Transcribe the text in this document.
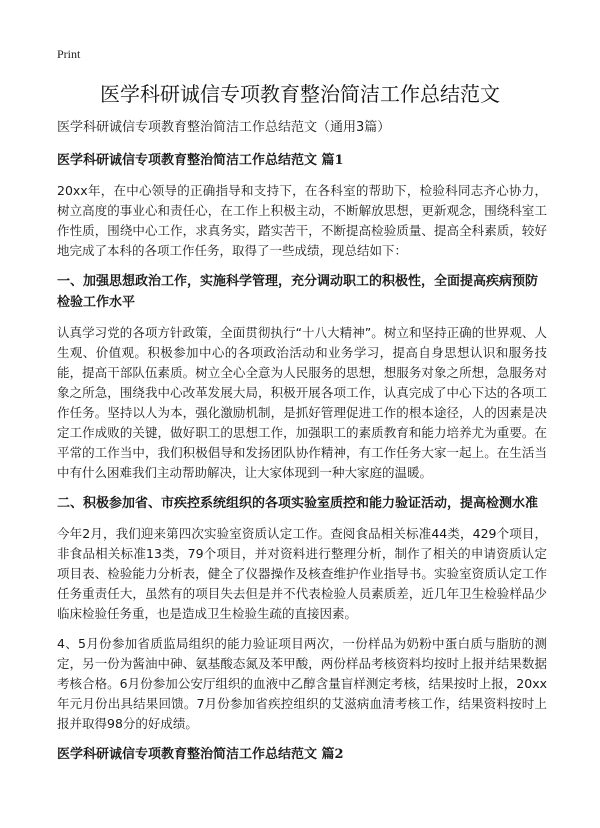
Print
医学科研诚信专项教育整治简洁工作总结范文

医学科研诚信专项教育整治简洁工作总结范文（通用3篇）

医学科研诚信专项教育整治简洁工作总结范文 篇1

20xx年，在中心领导的正确指导和支持下，在各科室的帮助下，检验科同志齐心协力，树立高度的事业心和责任心，在工作上积极主动，不断解放思想，更新观念，围绕科室工作性质，围绕中心工作，求真务实，踏实苦干，不断提高检验质量、提高全科素质，较好地完成了本科的各项工作任务，取得了一些成绩，现总结如下：

一、加强思想政治工作，实施科学管理，充分调动职工的积极性，全面提高疾病预防检验工作水平

认真学习党的各项方针政策，全面贯彻执行“十八大精神”。树立和坚持正确的世界观、人生观、价值观。积极参加中心的各项政治活动和业务学习，提高自身思想认识和服务技能，提高干部队伍素质。树立全心全意为人民服务的思想，想服务对象之所想，急服务对象之所急，围绕我中心改革发展大局，积极开展各项工作，认真完成了中心下达的各项工作任务。坚持以人为本，强化激励机制，是抓好管理促进工作的根本途径，人的因素是决定工作成败的关键，做好职工的思想工作，加强职工的素质教育和能力培养尤为重要。在平常的工作当中，我们积极倡导和发扬团队协作精神，有工作任务大家一起上。在生活当中有什么困难我们主动帮助解决，让大家体现到一种大家庭的温暖。

二、积极参加省、市疾控系统组织的各项实验室质控和能力验证活动，提高检测水准

今年2月，我们迎来第四次实验室资质认定工作。查阅食品相关标准44类，429个项目，非食品相关标准13类，79个项目，并对资料进行整理分析，制作了相关的申请资质认定项目表、检验能力分析表，健全了仪器操作及核查维护作业指导书。实验室资质认定工作任务重责任大，虽然有的项目失去但是并不代表检验人员素质差，近几年卫生检验样品少临床检验任务重，也是造成卫生检验生疏的直接因素。

4、5月份参加省质监局组织的能力验证项目两次，一份样品为奶粉中蛋白质与脂肪的测定，另一份为酱油中砷、氨基酸态氮及苯甲酸，两份样品考核资料均按时上报并结果数据考核合格。6月份参加公安厅组织的血液中乙醇含量盲样测定考核，结果按时上报，20xx年元月份出具结果回馈。7月份参加省疾控组织的艾滋病血清考核工作，结果资料按时上报并取得98分的好成绩。

医学科研诚信专项教育整治简洁工作总结范文 篇2
